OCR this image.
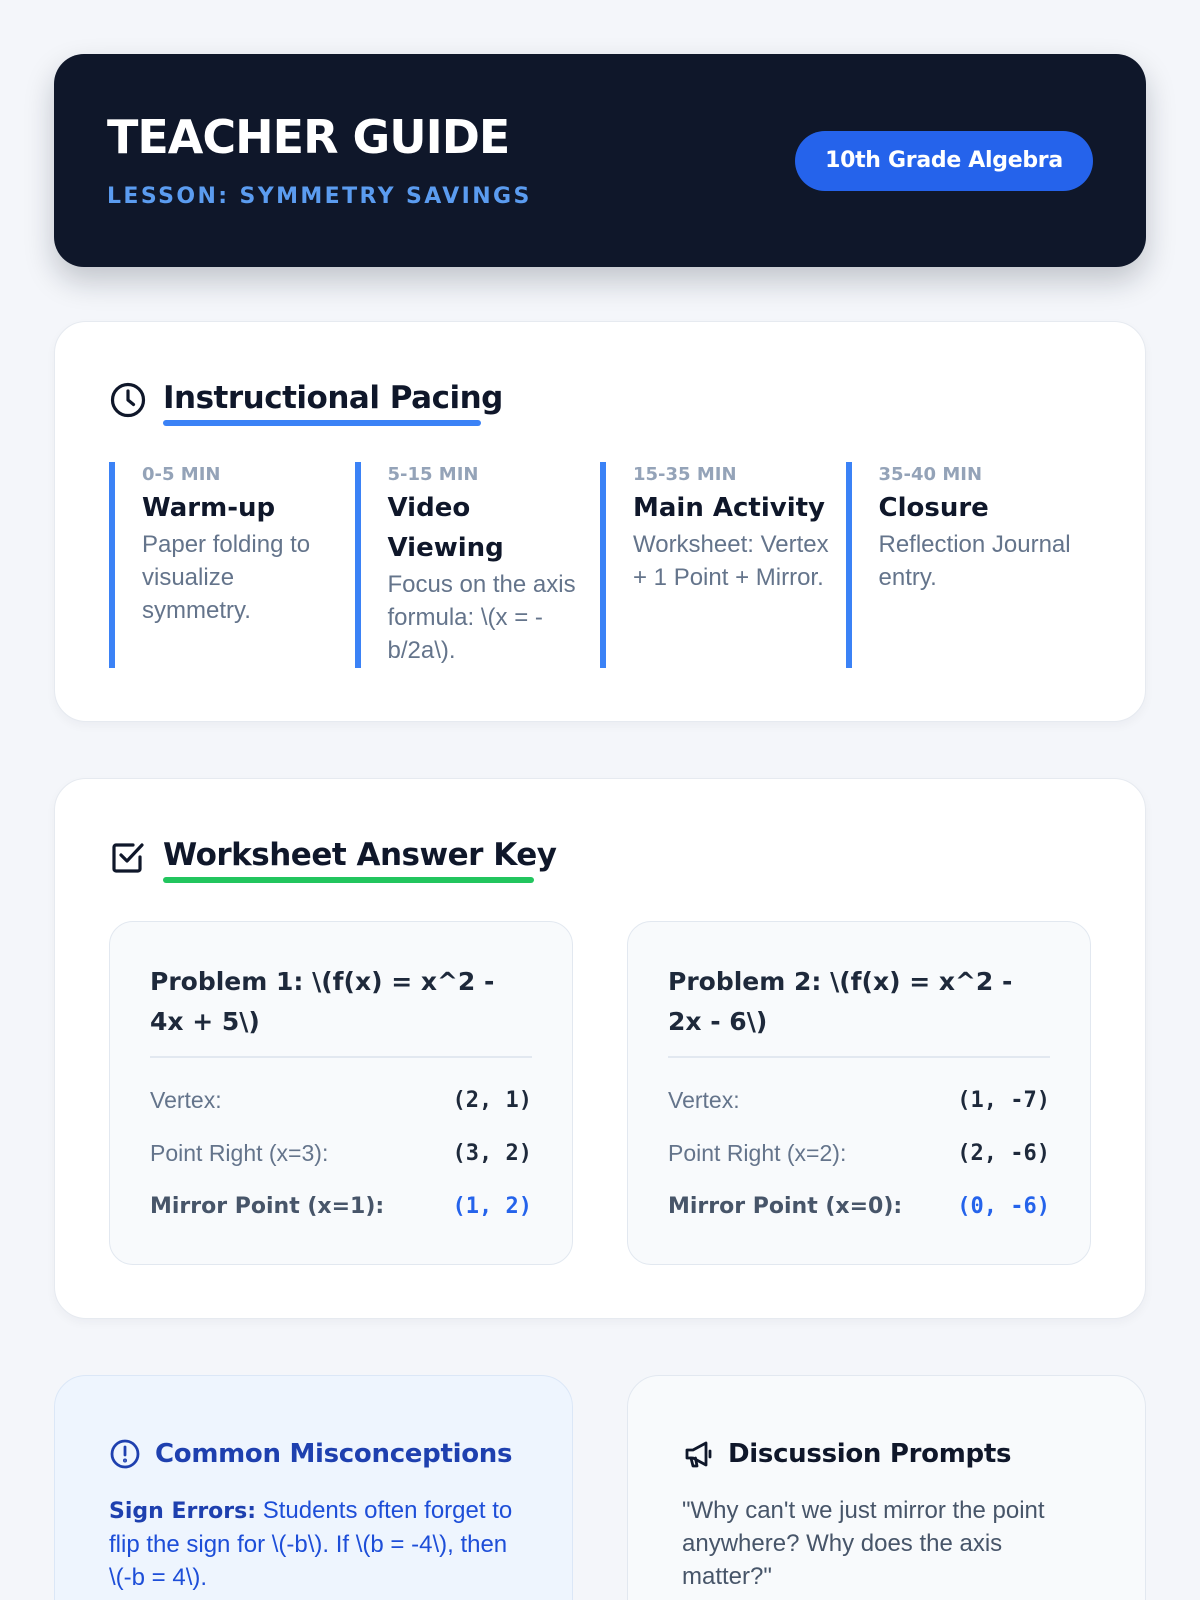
TEACHER GUIDE
LESSON: SYMMETRY SAVINGS
10th Grade Algebra
Instructional Pacing
0-5 MIN
Warm-up
Paper folding to visualize symmetry.
5-15 MIN
Video Viewing
Focus on the axis formula: \(x = -b/2a\).
15-35 MIN
Main Activity
Worksheet: Vertex + 1 Point + Mirror.
35-40 MIN
Closure
Reflection Journal entry.
Worksheet Answer Key
Problem 1: \(f(x) = x^2 - 4x + 5\)
Vertex:	(2, 1)
Point Right (x=3):	(3, 2)
Mirror Point (x=1):	(1, 2)
Problem 2: \(f(x) = x^2 - 2x - 6\)
Vertex:	(1, -7)
Point Right (x=2):	(2, -6)
Mirror Point (x=0):	(0, -6)
Common Misconceptions

Sign Errors: Students often forget to flip the sign for \(-b\). If \(b = -4\), then \(-b = 4\).

Discussion Prompts

"Why can't we just mirror the point anywhere? Why does the axis matter?"
